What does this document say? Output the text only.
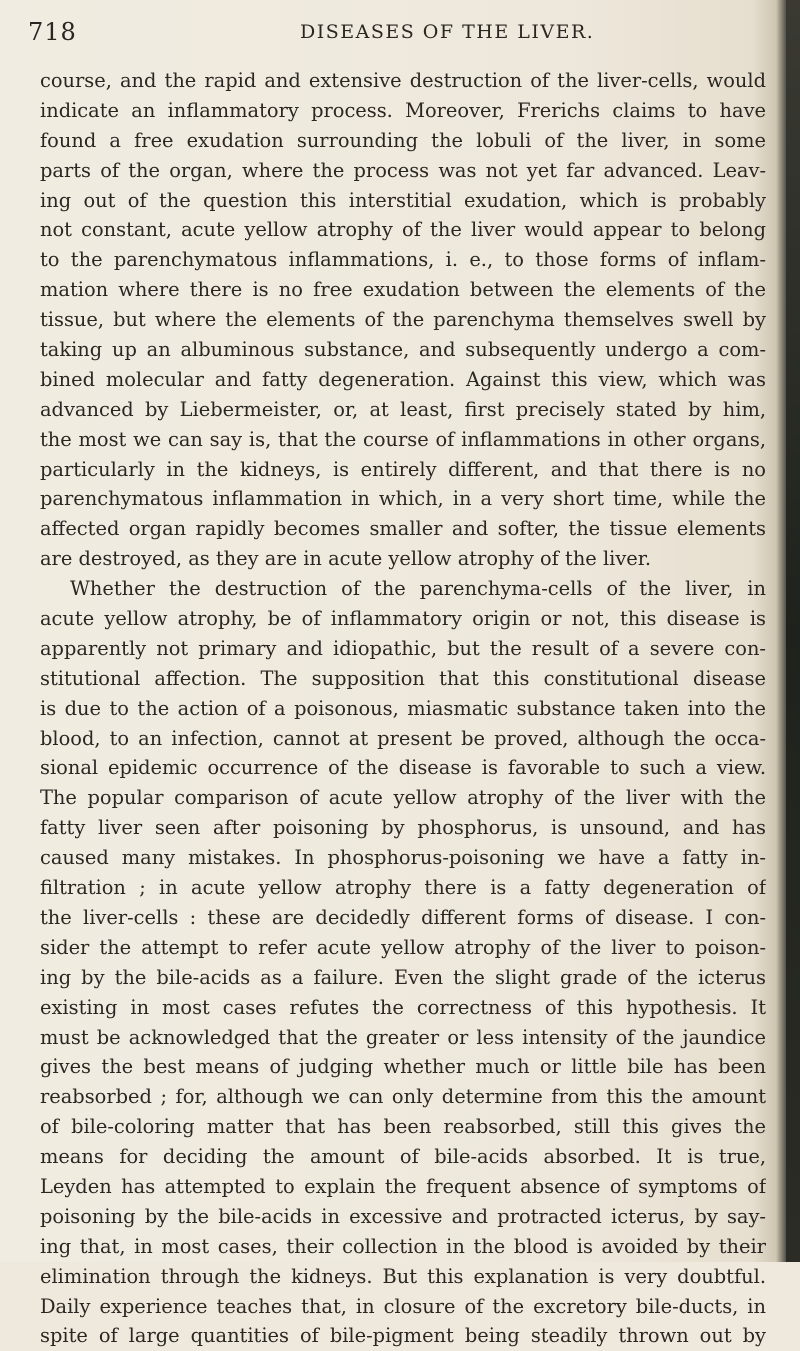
718	DISEASES OF THE LIVER.
course, and the rapid and extensive destruction of the liver-cells, would
indicate an inflammatory process. Moreover, Frerichs claims to have
found a free exudation surrounding the lobuli of the liver, in some
parts of the organ, where the process was not yet far advanced. Leav-
ing out of the question this interstitial exudation, which is probably
not constant, acute yellow atrophy of the liver would appear to belong
to the parenchymatous inflammations, i. e., to those forms of inflam-
mation where there is no free exudation between the elements of the
tissue, but where the elements of the parenchyma themselves swell by
taking up an albuminous substance, and subsequently undergo a com-
bined molecular and fatty degeneration. Against this view, which was
advanced by Liebermeister, or, at least, first precisely stated by him,
the most we can say is, that the course of inflammations in other organs,
particularly in the kidneys, is entirely different, and that there is no
parenchymatous inflammation in which, in a very short time, while the
affected organ rapidly becomes smaller and softer, the tissue elements
are destroyed, as they are in acute yellow atrophy of the liver.
Whether the destruction of the parenchyma-cells of the liver, in
acute yellow atrophy, be of inflammatory origin or not, this disease is
apparently not primary and idiopathic, but the result of a severe con-
stitutional affection. The supposition that this constitutional disease
is due to the action of a poisonous, miasmatic substance taken into the
blood, to an infection, cannot at present be proved, although the occa-
sional epidemic occurrence of the disease is favorable to such a view.
The popular comparison of acute yellow atrophy of the liver with the
fatty liver seen after poisoning by phosphorus, is unsound, and has
caused many mistakes. In phosphorus-poisoning we have a fatty in-
filtration ; in acute yellow atrophy there is a fatty degeneration of
the liver-cells : these are decidedly different forms of disease. I con-
sider the attempt to refer acute yellow atrophy of the liver to poison-
ing by the bile-acids as a failure. Even the slight grade of the icterus
existing in most cases refutes the correctness of this hypothesis. It
must be acknowledged that the greater or less intensity of the jaundice
gives the best means of judging whether much or little bile has been
reabsorbed ; for, although we can only determine from this the amount
of bile-coloring matter that has been reabsorbed, still this gives the
means for deciding the amount of bile-acids absorbed. It is true,
Leyden has attempted to explain the frequent absence of symptoms of
poisoning by the bile-acids in excessive and protracted icterus, by say-
ing that, in most cases, their collection in the blood is avoided by their
elimination through the kidneys. But this explanation is very doubtful.
Daily experience teaches that, in closure of the excretory bile-ducts, in
spite of large quantities of bile-pigment being steadily thrown out by
